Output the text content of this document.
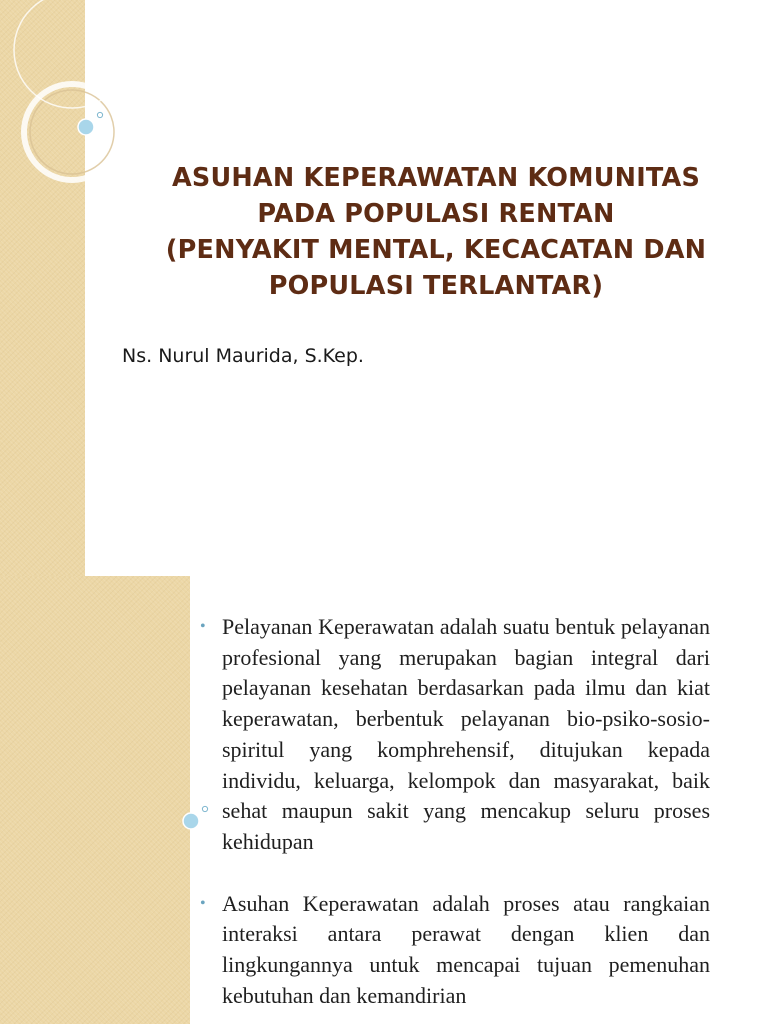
ASUHAN KEPERAWATAN KOMUNITAS
PADA POPULASI RENTAN
(PENYAKIT MENTAL, KECACATAN DAN
POPULASI TERLANTAR)
Ns. Nurul Maurida, S.Kep.
• Pelayanan Keperawatan adalah suatu bentuk pelayanan profesional yang merupakan bagian integral dari pelayanan kesehatan berdasarkan pada ilmu dan kiat keperawatan, berbentuk pelayanan bio-psiko-sosio-spiritul yang komphrehensif, ditujukan kepada individu, keluarga, kelompok dan masyarakat, baik sehat maupun sakit yang mencakup seluru proses kehidupan
• Asuhan Keperawatan adalah proses atau rangkaian interaksi antara perawat dengan klien dan lingkungannya untuk mencapai tujuan pemenuhan kebutuhan dan kemandirian
